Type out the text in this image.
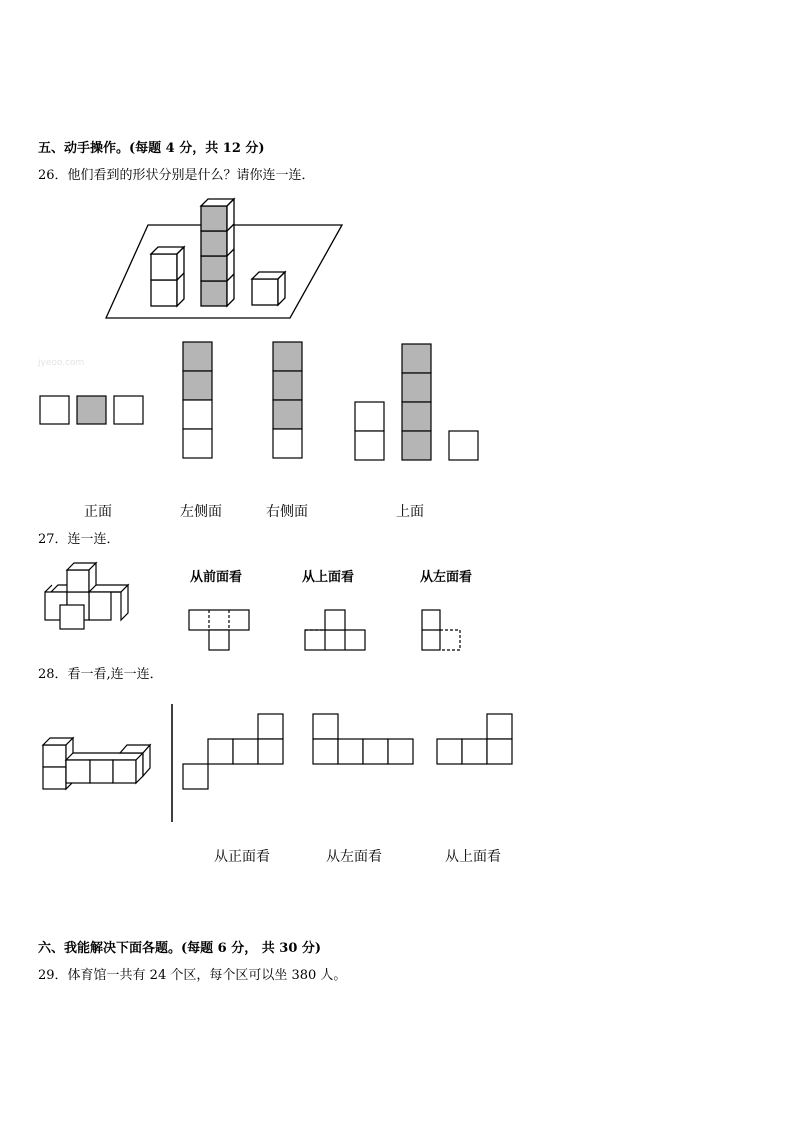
五、动手操作。(每题 4 分，共 12 分)
26．他们看到的形状分别是什么？请你连一连．
jyeoo.com
正面	左侧面	右侧面	上面
27．连一连．
从前面看	从上面看	从左面看
28．看一看,连一连．
从正面看	从左面看	从上面看
六、我能解决下面各题。(每题 6 分， 共 30 分)
29．体育馆一共有 24 个区，每个区可以坐 380 人。
